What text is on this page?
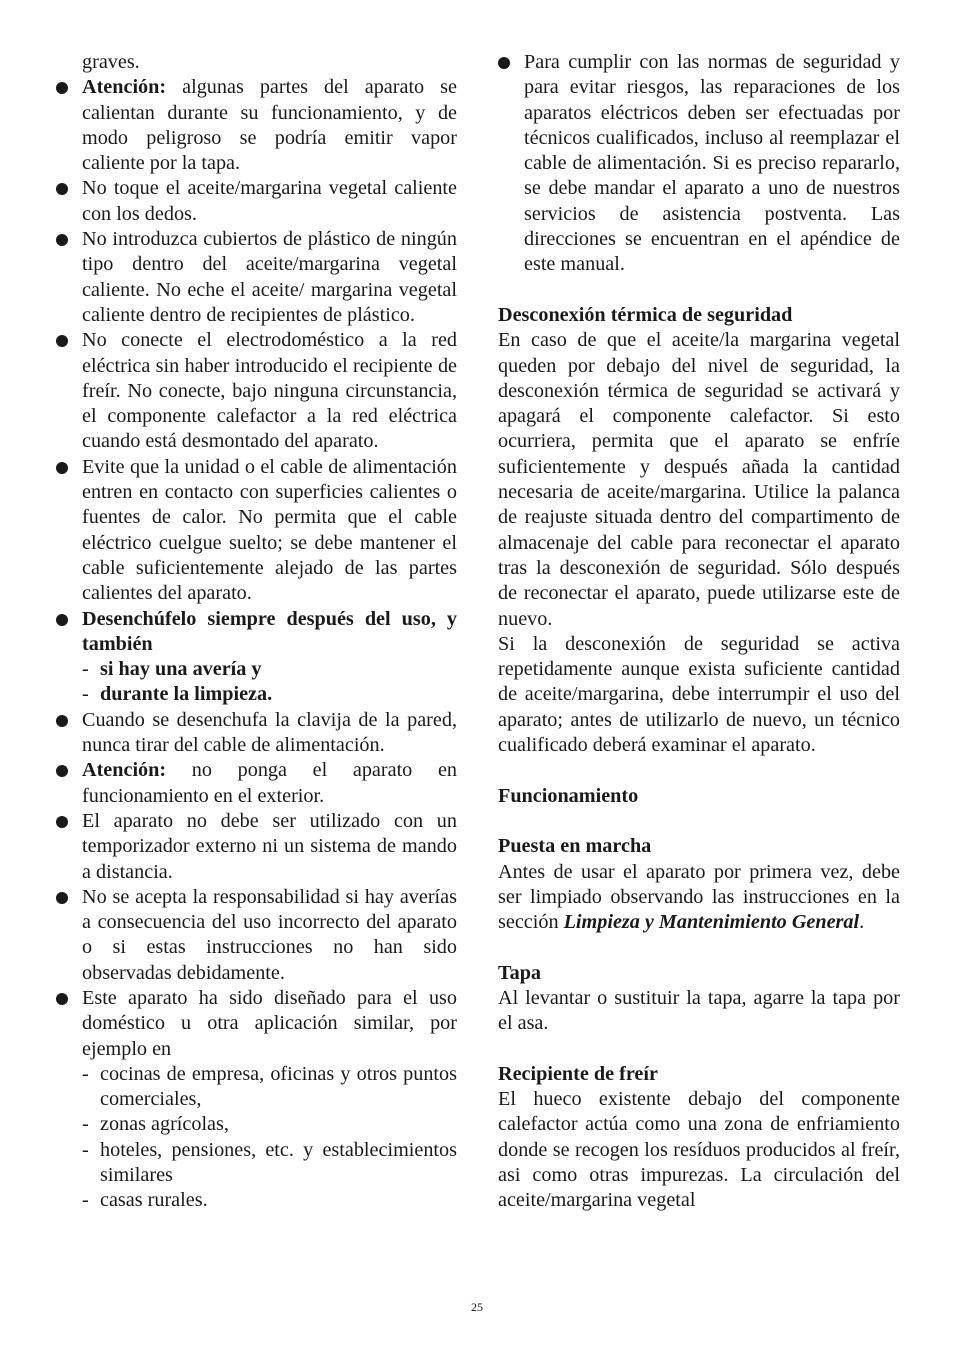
graves.

Atención: algunas partes del aparato se calientan durante su funcionamiento, y de modo peligroso se podría emitir vapor caliente por la tapa.

No toque el aceite/margarina vegetal caliente con los dedos.

No introduzca cubiertos de plástico de ningún tipo dentro del aceite/margarina vegetal caliente. No eche el aceite/ margarina vegetal caliente dentro de recipientes de plástico.

No conecte el electrodoméstico a la red eléctrica sin haber introducido el recipiente de freír. No conecte, bajo ninguna circunstancia, el componente calefactor a la red eléctrica cuando está desmontado del aparato.

Evite que la unidad o el cable de alimentación entren en contacto con superficies calientes o fuentes de calor. No permita que el cable eléctrico cuelgue suelto; se debe mantener el cable suficientemente alejado de las partes calientes del aparato.

Desenchúfelo siempre después del uso, y también

- si hay una avería y

- durante la limpieza.

Cuando se desenchufa la clavija de la pared, nunca tirar del cable de alimentación.

Atención: no ponga el aparato en funcionamiento en el exterior.

El aparato no debe ser utilizado con un temporizador externo ni un sistema de mando a distancia.

No se acepta la responsabilidad si hay averías a consecuencia del uso incorrecto del aparato o si estas instrucciones no han sido observadas debidamente.

Este aparato ha sido diseñado para el uso doméstico u otra aplicación similar, por ejemplo en

- cocinas de empresa, oficinas y otros puntos comerciales,

- zonas agrícolas,

- hoteles, pensiones, etc. y establecimientos similares

- casas rurales.

Para cumplir con las normas de seguridad y para evitar riesgos, las reparaciones de los aparatos eléctricos deben ser efectuadas por técnicos cualificados, incluso al reemplazar el cable de alimentación. Si es preciso repararlo, se debe mandar el aparato a uno de nuestros servicios de asistencia postventa. Las direcciones se encuentran en el apéndice de este manual.

Desconexión térmica de seguridad

En caso de que el aceite/la margarina vegetal queden por debajo del nivel de seguridad, la desconexión térmica de seguridad se activará y apagará el componente calefactor. Si esto ocurriera, permita que el aparato se enfríe suficientemente y después añada la cantidad necesaria de aceite/margarina. Utilice la palanca de reajuste situada dentro del compartimento de almacenaje del cable para reconectar el aparato tras la desconexión de seguridad. Sólo después de reconectar el aparato, puede utilizarse este de nuevo.

Si la desconexión de seguridad se activa repetidamente aunque exista suficiente cantidad de aceite/margarina, debe interrumpir el uso del aparato; antes de utilizarlo de nuevo, un técnico cualificado deberá examinar el aparato.

Funcionamiento

Puesta en marcha

Antes de usar el aparato por primera vez, debe ser limpiado observando las instrucciones en la sección Limpieza y Mantenimiento General.

Tapa

Al levantar o sustituir la tapa, agarre la tapa por el asa.

Recipiente de freír

El hueco existente debajo del componente calefactor actúa como una zona de enfriamiento donde se recogen los resíduos producidos al freír, asi como otras impurezas. La circulación del aceite/margarina vegetal

25
